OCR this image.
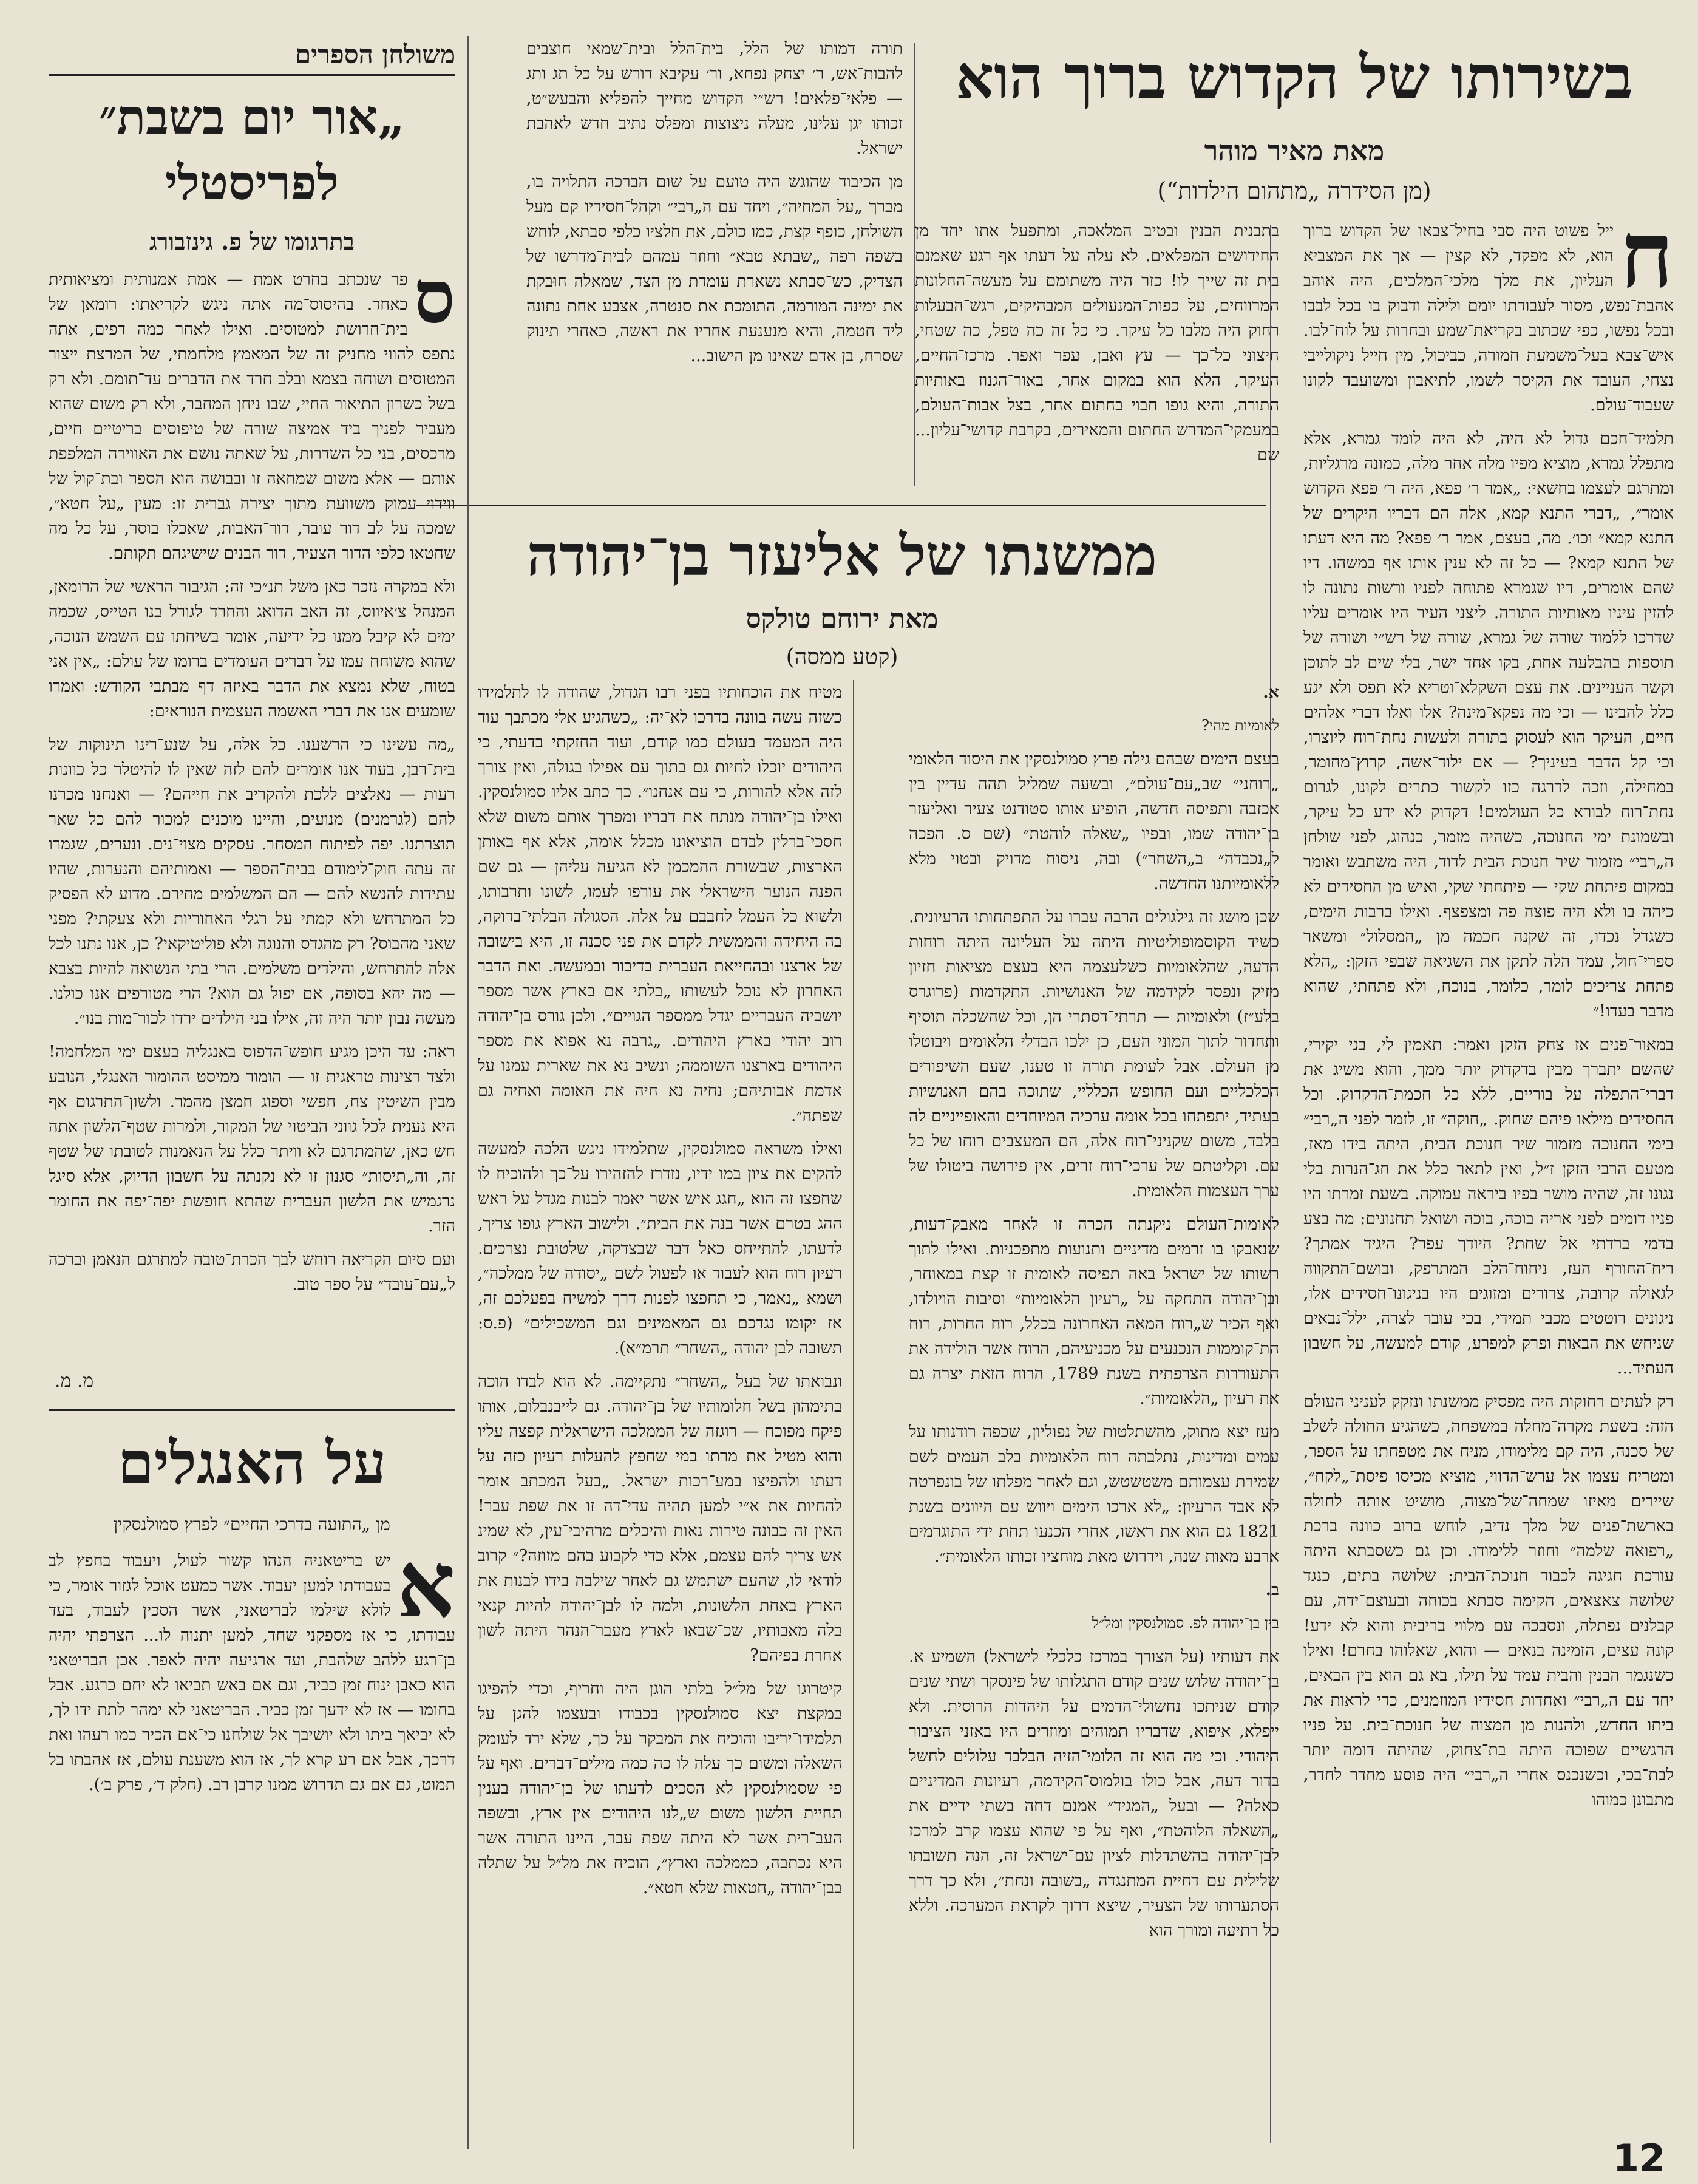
בשירותו של הקדוש ברוך הוא
מאת מאיר מוהר
(מן הסידרה „מתהום הילדות“)
ח

ייל פשוט היה סבי בחיל־צבאו של הקדוש ברוך הוא, לא מפקד, לא קצין — אך את המצביא העליון, את מלך מלכי־המלכים, היה אוהב אהבת־נפש, מסור לעבודתו יומם ולילה ודבוק בו בכל לבבו ובכל נפשו, כפי שכתוב בקריאת־שמע ובחרות על לוח־לבו. איש־צבא בעל־משמעת חמורה, כביכול, מין חייל ניקולייבי נצחי, העובד את הקיסר לשמו, לתיאבון ומשועבד לקונו שעבוד־עולם.

תלמיד־חכם גדול לא היה, לא היה לומד גמרא, אלא מתפלל גמרא, מוציא מפיו מלה אחר מלה, כמונה מרגליות, ומתרגם לעצמו בחשאי: „אמר ר׳ פפא, היה ר׳ פפא הקדוש אומר״, „דברי התנא קמא, אלה הם דבריו היקרים של התנא קמא״ וכו׳. מה, בעצם, אמר ר׳ פפא? מה היא דעתו של התנא קמא? — כל זה לא ענין אותו אף במשהו. דיו שהם אומרים, דיו שגמרא פתוחה לפניו ורשות נתונה לו להזין עיניו מאותיות התורה. ליצני העיר היו אומרים עליו שדרכו ללמוד שורה של גמרא, שורה של רש״י ושורה של תוספות בהבלעה אחת, בקו אחד ישר, בלי שים לב לתוכן וקשר העניינים. את עצם השקלא־וטריא לא תפס ולא יגע כלל להבינו — וכי מה נפקא־מינה? אלו ואלו דברי אלהים חיים, העיקר הוא לעסוק בתורה ולעשות נחת־רוח ליוצרו, וכי קל הדבר בעיניך? — אם ילוד־אשה, קרוץ־מחומר, במחילה, וזכה לדרגה כזו לקשור כתרים לקונו, לגרום נחת־רוח לבורא כל העולמים! דקדוק לא ידע כל עיקר, ובשמונת ימי החנוכה, כשהיה מזמר, כנהוג, לפני שולחן ה„רבי״ מזמור שיר חנוכת הבית לדוד, היה משתבש ואומר במקום פיתחת שקי — פיתחתי שקי, ואיש מן החסידים לא כיהה בו ולא היה פוצה פה ומצפצף. ואילו ברבות הימים, כשגדל נכדו, זה שקנה חכמה מן „המסלול״ ומשאר ספרי־חול, עמד הלה לתקן את השגיאה שבפי הזקן: „הלא פתחת צריכים לומר, כלומר, בנוכח, ולא פתחתי, שהוא מדבר בעדו!״

במאור־פנים אז צחק הזקן ואמר: תאמין לי, בני יקירי, שהשם יתברך מבין בדקדוק יותר ממך, והוא משיג את דברי־התפלה על בוריים, ללא כל חכמת־הדקדוק. וכל החסידים מילאו פיהם שחוק. „חוקה״ זו, לזמר לפני ה„רבי״ בימי החנוכה מזמור שיר חנוכת הבית, היתה בידו מאז, מטעם הרבי הזקן ז״ל, ואין לתאר כלל את חג־הנרות בלי נגונו זה, שהיה מושר בפיו ביראה עמוקה. בשעת זמרתו היו פניו דומים לפני אריה בוכה, בוכה ושואל תחנונים: מה בצע בדמי ברדתי אל שחת? היודך עפר? היגיד אמתך? ריח־החורף העז, ניחוח־הלב המתרפק, ובושם־התקווה לגאולה קרובה, צרורים ומזוגים היו בניגונו־חסידים אלו, ניגונים רוטטים מכבי תמידי, בכי עובר לצרה, ילל־נבאים שניחש את הבאות ופרק למפרע, קודם למעשה, על חשבון העתיד...

רק לעתים רחוקות היה מפסיק ממשנתו ונזקק לעניני העולם הזה: בשעת מקרה־מחלה במשפחה, כשהגיע החולה לשלב של סכנה, היה קם מלימודו, מניח את מטפחתו על הספר, ומטריח עצמו אל ערש־הדווי, מוציא מכיסו פיסת־„לקח״, שיירים מאיזו שמחה־של־מצוה, מושיט אותה לחולה בארשת־פנים של מלך נדיב, לוחש ברוב כוונה ברכת „רפואה שלמה״ וחוזר ללימודו. וכן גם כשסבתא היתה עורכת חגיגה לכבוד חנוכת־הבית: שלושה בתים, כנגד שלושה צאצאים, הקימה סבתא בכוחה ובעוצם־ידה, עם קבלנים נפתלה, ונסבכה עם מלווי בריבית והוא לא ידע! קונה עצים, הזמינה בנאים — והוא, שאלוהו בחרם! ואילו כשנגמר הבנין והבית עמד על תילו, בא גם הוא בין הבאים, יחד עם ה„רבי״ ואחדות חסידיו המוזמנים, כדי לראות את ביתו החדש, ולהנות מן המצוה של חנוכת־בית. על פניו הרגשיים שפוכה היתה בת־צחוק, שהיתה דומה יותר לבת־בכי, וכשנכנס אחרי ה„רבי״ היה פוסע מחדר לחדר, מתבונן כמוהו

בתבנית הבנין ובטיב המלאכה, ומתפעל אתו יחד מן החידושים המפלאים. לא עלה על דעתו אף רגע שאמנם בית זה שייך לו! כזר היה משתומם על מעשה־החלונות המרווחים, על כפות־המנעולים המבהיקים, רגש־הבעלות רחוק היה מלבו כל עיקר. כי כל זה כה טפל, כה שטחי, חיצוני כל־כך — עץ ואבן, עפר ואפר. מרכז־החיים, העיקר, הלא הוא במקום אחר, באור־הגנוז באותיות התורה, והיא גופו חבוי בחתום אחר, בצל אבות־העולם, במעמקי־המדרש החתום והמאירים, בקרבת קדושי־עליון... שם

תורה דמותו של הלל, בית־הלל ובית־שמאי חוצבים להבות־אש, ר׳ יצחק נפחא, ור׳ עקיבא דורש על כל תג ותג — פלאי־פלאים! רש״י הקדוש מחייך להפליא והבעש״ט, זכותו יגן עלינו, מעלה ניצוצות ומפלס נתיב חדש לאהבת ישראל.

מן הכיבוד שהוגש היה טועם על שום הברכה התלויה בו, מברך „על המחיה״, ויחד עם ה„רבי״ וקהל־חסידיו קם מעל השולחן, כופף קצת, כמו כולם, את חלציו כלפי סבתא, לוחש בשפה רפה „שבתא טבא״ וחוזר עמהם לבית־מדרשו של הצדיק, כש־סבתא נשארת עומדת מן הצד, שמאלה חוּבקת את ימינה המורמה, התומכת את סנטרה, אצבע אחת נתונה ליד חטמה, והיא מנענעת אחריו את ראשה, כאחרי תינוק שסרח, בן אדם שאינו מן הישוב...

ממשנתו של אליעזר בן־יהודה
מאת ירוחם טולקס
(קטע ממסה)

א.

לאומיות מהי?

בעצם הימים שבהם גילה פרץ סמולנסקין את היסוד הלאומי „רוחני״ שב„עם־עולם״, ובשעה שמליל תהה עדיין בין אכזבה ותפיסה חדשה, הופיע אותו סטודנט צעיר ואליעזר בן־יהודה שמו, ובפיו „שאלה לוהטת״ (שם ס. הפכה ל„נכבדה״ ב„השחר״) ובה, ניסוח מדויק ובטוי מלא ללאומיותנו החדשה.

שכן מושג זה גילגולים הרבה עברו על התפתחותו הרעיונית. כשיד הקוסמופוליטיות היתה על העליונה היתה רוחות הדעה, שהלאומיות כשלעצמה היא בעצם מציאות חזיון מזיק ונפסד לקידמה של האנושיות. התקדמות (פרוגרס בלע״ז) ולאומיות — תרתי־דסתרי הן, וכל שהשכלה תוסיף ותחדור לתוך המוני העם, כן ילכו הבדלי הלאומים ויבוטלו מן העולם. אבל לעומת תורה זו טענו, שעם השיפורים הכלכליים ועם החופש הכלליי, שתוכה בהם האנושיות בעתיד, יתפתחו בכל אומה ערכיה המיוחדים והאופייניים לה בלבד, משום שקניני־רוח אלה, הם המעצבים רוחו של כל עם. וקליטתם של ערכי־רוח זרים, אין פירושה ביטולו של ערך העצמות הלאומית.

לאומות־העולם ניקנתה הכרה זו לאחר מאבק־דעות, שנאבקו בו זרמים מדיניים ותנועות מתפכניות. ואילו לתוך רשותו של ישראל באה תפיסה לאומית זו קצת במאוחר, ובן־יהודה התחקה על „רעיון הלאומיות״ וסיבות הויולדו, ואף הכיר ש„רוח המאה האחרונה בכלל, רוח החרות, רוח הת־קוממות הנכנעים על מכניעיהם, הרוח אשר הולידה את התעוררות הצרפתית בשנת 1789, הרוח הזאת יצרה גם את רעיון „הלאומיות״.

מעז יצא מתוק, מהשתלטות של נפוליון, שכפה רודנותו על עמים ומדינות, נתלבתה רוח הלאומיות בלב העמים לשם שמירת עצמותם משטשטש, וגם לאחר מפלתו של בונפרטה לא אבד הרעיון: „לא ארכו הימים ויווש עם היוונים בשנת 1821 גם הוא את ראשו, אחרי הכנעו תחת ידי התוגרמים ארבע מאות שנה, וידרוש מאת מוחציו זכותו הלאומית״.

ב.

בין בן־יהודה לפ. סמולנסקין ומל״ל

את דעותיו (על הצורך במרכז כלכלי לישראל) השמיע א. בן־יהודה שלוש שנים קודם התגלותו של פינסקר ושתי שנים קודם שניתכו נחשולי־הדמים על היהדות הרוסית. ולא ייפלא, איפוא, שדבריו תמוהים ומוזרים היו באזני הציבור היהודי. וכי מה הוא זה הלומי־הזיה הבלבד עלולים לחשל בדור דעה, אבל כולו בולמוס־הקידמה, רעיונות המדיניים כאלה? — ובעל „המגיד״ אמנם דחה בשתי ידיים את „השאלה הלוהטת״, ואף על פי שהוא עצמו קרב למרכז לבן־יהודה בהשתדלות לציון עם־ישראל זה, הנה תשובתו שלילית עם דחיית המתנגדה „בשובה ונחת״, ולא כך דרך הסתערותו של הצעיר, שיצא דרוך לקראת המערכה. וללא כל רתיעה ומורך הוא

מטיח את הוכחותיו בפני רבו הגדול, שהודה לו לתלמידו כשזה עשה בוונה בדרכו לא־יה: „כשהגיע אלי מכתבך עוד היה המעמד בעולם כמו קודם, ועוד החזקתי בדעתי, כי היהודים יוכלו לחיות גם בתוך עם אפילו בגולה, ואין צורך לזה אלא להורות, כי עם אנחנו״. כך כתב אליו סמולנסקין. ואילו בן־יהודה מנתח את דבריו ומפרך אותם משום שלא חסכי־ברלין לבדם הוציאונו מכלל אומה, אלא אף באותן הארצות, שבשורת ההמכמן לא הגיעה עליהן — גם שם הפנה הנוער הישראלי את עורפו לעמו, לשונו ותרבותו, ולשוא כל העמל לחבבם על אלה. הסגולה הבלתי־בדוקה, בה היחידה והממשית לקדם את פני סכנה זו, היא בישובה של ארצנו ובהחייאת העברית בדיבור ובמעשה. ואת הדבר האחרון לא נוכל לעשותו „בלתי אם בארץ אשר מספר יושביה העבריים יגדל ממספר הגויים״. ולכן גורס בן־יהודה רוב יהודי בארץ היהודים. „גרבה נא אפוא את מספר היהודים בארצנו השוממה; ונשיב נא את שארית עמנו על אדמת אבותיהם; נחיה נא חיה את האומה ואחיה גם שפתה״.

ואילו משראה סמולנסקין, שתלמידו ניגש הלכה למעשה להקים את ציון במו ידיו, נזדרז להזהירו על־כך ולהוכיח לו שחפצו זה הוא „חגג איש אשר יאמר לבנות מגדל על ראש ההג בטרם אשר בנה את הבית״. ולישוב הארץ גופו צריך, לדעתו, להתייחס כאל דבר שבצדקה, שלטובת נצרכים. רעיון רוח הוא לעבוד או לפעול לשם „יסודה של ממלכה״, ושמא „נאמר, כי תחפצו לפנות דרך למשיח בפעלכם זה, אז יקומו נגדכם גם המאמינים וגם המשכילים״ (פ.ס: תשובה לבן יהודה „השחר״ תרמ״א).

ונבואתו של בעל „השחר״ נתקיימה. לא הוא לבדו הוכה בתימהון בשל חלומותיו של בן־יהודה. גם לייבנבלום, אותו פיקח מפוכח — רוגזה של הממלכה הישראלית קפצה עליו והוא מטיל את מרתו במי שחפץ להעלות רעיון כזה על דעתו ולהפיצו במע־רכות ישראל. „בעל המכתב אומר להחיות את א״י למען תהיה עדי־דה זו את שפת עבר! האין זה כבונה טירות נאות והיכלים מרהיבי־עין, לא שמינ אש צריך להם עצמם, אלא כדי לקבוע בהם מזוזה?״ קרוב לודאי לו, שהעם ישתמש גם לאחר שילבה בידו לבנות את הארץ באחת הלשונות, ולמה לו לבן־יהודה להיות קנאי בלה מאבותיו, שכ־שבאו לארץ מעבר־הנהר היתה לשון אחרת בפיהם?

קיטרוגו של מל״ל בלתי הוגן היה וחריף, וכדי להפיגו במקצת יצא סמולנסקין בכבודו ובעצמו להגן על תלמידו־יריבו והוכיח את המבקר על כך, שלא ירד לעומק השאלה ומשום כך עלה לו כה כמה מילים־דברים. ואף על פי שסמולנסקין לא הסכים לדעתו של בן־יהודה בענין תחיית הלשון משום ש„לנו היהודים אין ארץ, ובשפה העב־רית אשר לא היתה שפת עבר, היינו התורה אשר היא נכתבה, כממלכה וארץ״, הוכיח את מל״ל על שתלה בבן־יהודה „חטאות שלא חטא״.

משולחן הספרים
„אור יום בשבת״ לפריסטלי
בתרגומו של פ. גינזבורג
ס

פר שנכתב בחרט אמת — אמת אמנותית ומציאותית כאחד. בהיסוס־מה אתה ניגש לקריאתו: רומאן של בית־חרושת למטוסים. ואילו לאחר כמה דפים, אתה נתפס להווי מחניק זה של המאמץ מלחמתי, של המרצת ייצור המטוסים ושוחה בצמא ובלב חרד את הדברים עד־תומם. ולא רק בשל כשרון התיאור החיי, שבו ניחן המחבר, ולא רק משום שהוא מעביר לפניך ביד אמיצה שורה של טיפוסים בריטיים חיים, מרכסים, בני כל השדרות, על שאתה נושם את האווירה המלפפת אותם — אלא משום שמחאה זו ובבושה הוא הספר ובת־קול של ווידוי עמוק משוועת מתוך יצירה גברית זו: מעין „על חטא״, שמכה על לב דור עובר, דור־האבות, שאכלו בוסר, על כל מה שחטאו כלפי הדור הצעיר, דור הבנים שישיגהם תקותם.

ולא במקרה נזכר כאן משל תנ״כי זה: הגיבור הראשי של הרומאן, המנהל צ׳איווס, זה האב הדואג והחרד לגורל בנו הטייס, שכמה ימים לא קיבל ממנו כל ידיעה, אומר בשיחתו עם השמש הנוכה, שהוא משוחח עמו על דברים העומדים ברומו של עולם: „אין אני בטוח, שלא נמצא את הדבר באיזה דף מבתבי הקודש: ואמרו שומעים אנו את דברי האשמה העצמית הנוראים:

„מה עשינו כי הרשענו. כל אלה, על שנע־רינו תינוקות של בית־רבן, בעוד אנו אומרים להם לזה שאין לו להיטלר כל כוונות רעות — נאלצים ללכת ולהקריב את חייהם? — ואנחנו מכרנו להם (לגרמנים) מנועים, והיינו מוכנים למכור להם כל שאר תוצרתנו. יפה לפיתוח המסחר. עסקים מצוי־נים. ונערים, שגמרו זה עתה חוק־לימודם בבית־הספר — ואמותיהם והנערות, שהיו עתידות להנשא להם — הם המשלמים מחירם. מדוע לא הפסיק כל המתרחש ולא קמתי על רגלי האחוריות ולא צעקתי? מפני שאני מהבוס? רק מהגדס והנוגה ולא פוליטיקאי? כן, אנו נתנו לכל אלה להתרחש, והילדים משלמים. הרי בתי הנשואה להיות בצבא — מה יהא בסופה, אם יפול גם הוא? הרי מטורפים אנו כולנו. מעשה נבון יותר היה זה, אילו בני הילדים ירדו לכור־מות בנו״.

ראה: עד היכן מגיע חופש־הדפוס באנגליה בעצם ימי המלחמה! ולצד רצינות טראגית זו — הומור ממיסט ההומור האנגלי, הנובע מבין השיטין צח, חפשי וספוג חמצן מהמר. ולשון־התרגום אף היא נענית לכל גווני הביטוי של המקור, ולמרות שטף־הלשון אתה חש כאן, שהמתרגם לא וויתר כלל על הנאמנות לטובתו של שטף זה, וה„תיסות״ סגנון זו לא נקנתה על חשבון הדיוק, אלא סיגל נרגמיש את הלשון העברית שהתא חופשת יפה־יפה את החומר הזר.

ועם סיום הקריאה רוחש לבך הכרת־טובה למתרגם הנאמן וברכה ל„עם־עובד״ על ספר טוב.

מ. מ.
על האנגלים
מן „התועה בדרכי החיים״ לפרץ סמולנסקין
א

יש בריטאניה הנהו קשור לעול, ויעבוד בחפץ לב בעבודתו למען יעבוד. אשר כמעט אוכל לגזור אומר, כי לולא שילמו לבריטאני, אשר הסכין לעבוד, בעד עבודתו, כי אז מספקני שחד, למען יתנוה לו... הצרפתי יהיה בן־רגע ללהב שלהבת, ועד ארגיעה יהיה לאפר. אכן הבריטאני הוא כאבן ינוח זמן כביר, וגם אם באש תביאו לא יחם כרגע. אבל בחומו — אז לא ידעך זמן כביר. הבריטאני לא ימהר לתת ידו לך, לא יביאך ביתו ולא יושיבך אל שולחנו כי־אם הכיר כמו רעהו ואת דרכך, אבל אם רע קרא לך, אז הוא משענת עולם, אז אהבתו בל תמוט, גם אם גם תדרוש ממנו קרבן רב. (חלק ד׳, פרק ב׳).

12
